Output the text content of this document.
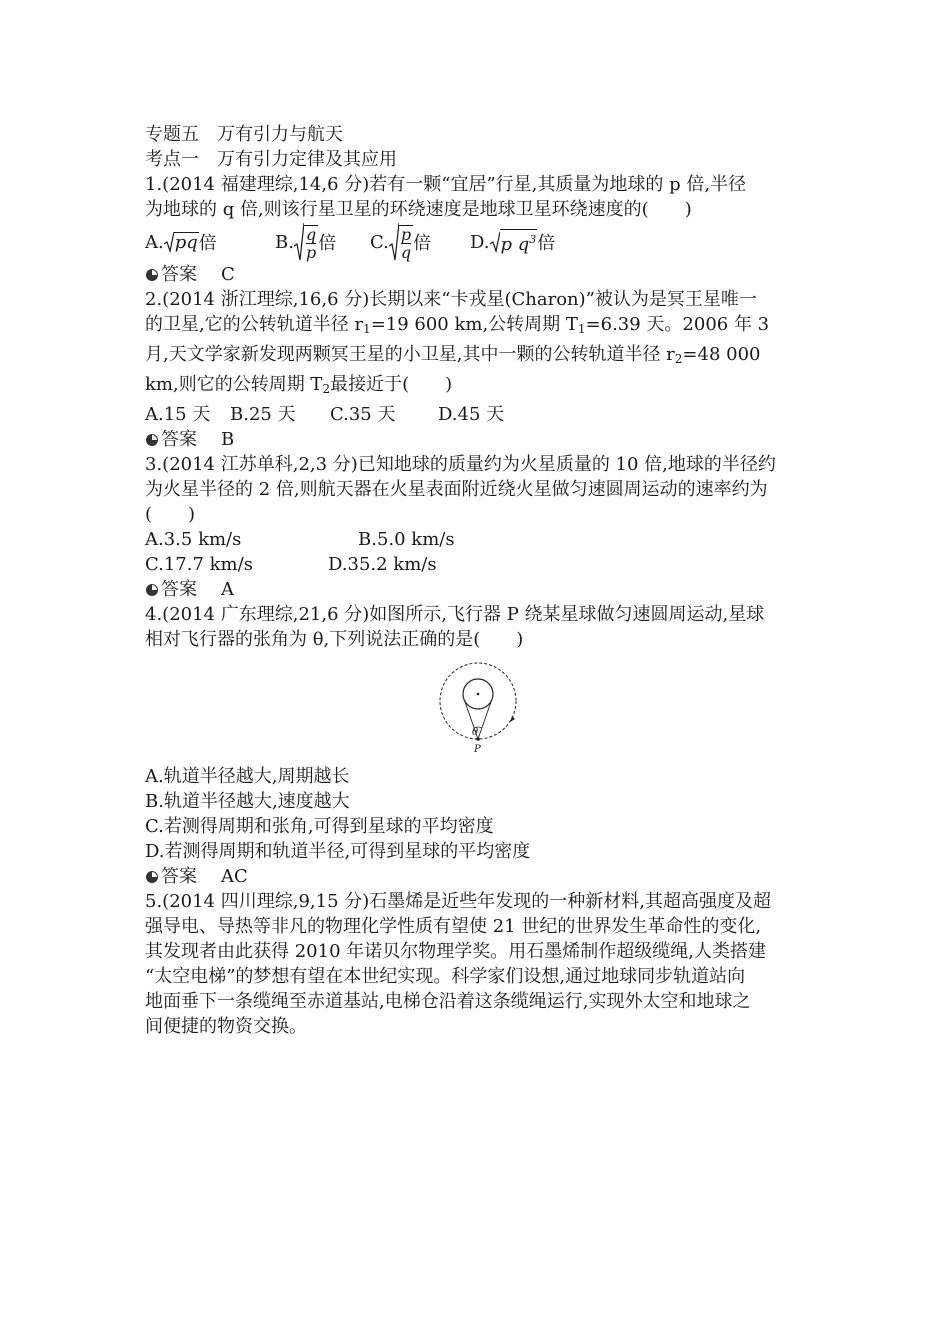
专题五　万有引力与航天
考点一　万有引力定律及其应用
1.(2014 福建理综,14,6 分)若有一颗“宜居”行星,其质量为地球的 p 倍,半径
为地球的 q 倍,则该行星卫星的环绕速度是地球卫星环绕速度的(　　)
A. pq 倍	B. $\frac{q}{p}$ 倍 C. $\frac{p}{q}$ 倍 D. p $q^3$ 倍
答案 C
2.(2014 浙江理综,16,6 分)长期以来“卡戎星(Charon)”被认为是冥王星唯一
的卫星,它的公转轨道半径 $r_1=19$ 600 km,公转周期 $T_1=6.39$ 天。2006 年 3
月,天文学家新发现两颗冥王星的小卫星,其中一颗的公转轨道半径 $r_2=48$ 000
km,则它的公转周期 $T_2$最接近于(　　)
A.15 天	B.25 天	C.35 天	D.45 天
答案 B
3.(2014 江苏单科,2,3 分)已知地球的质量约为火星质量的 10 倍,地球的半径约
为火星半径的 2 倍,则航天器在火星表面附近绕火星做匀速圆周运动的速率约为
(　　)
A.3.5 km/s	B.5.0 km/s
C.17.7 km/s	D.35.2 km/s
答案 A
4.(2014 广东理综,21,6 分)如图所示,飞行器 P 绕某星球做匀速圆周运动,星球
相对飞行器的张角为 θ,下列说法正确的是(　　)
θ
P
A.轨道半径越大,周期越长
B.轨道半径越大,速度越大
C.若测得周期和张角,可得到星球的平均密度
D.若测得周期和轨道半径,可得到星球的平均密度
答案 AC
5.(2014 四川理综,9,15 分)石墨烯是近些年发现的一种新材料,其超高强度及超
强导电、导热等非凡的物理化学性质有望使 21 世纪的世界发生革命性的变化,
其发现者由此获得 2010 年诺贝尔物理学奖。用石墨烯制作超级缆绳,人类搭建
“太空电梯”的梦想有望在本世纪实现。科学家们设想,通过地球同步轨道站向
地面垂下一条缆绳至赤道基站,电梯仓沿着这条缆绳运行,实现外太空和地球之
间便捷的物资交换。
